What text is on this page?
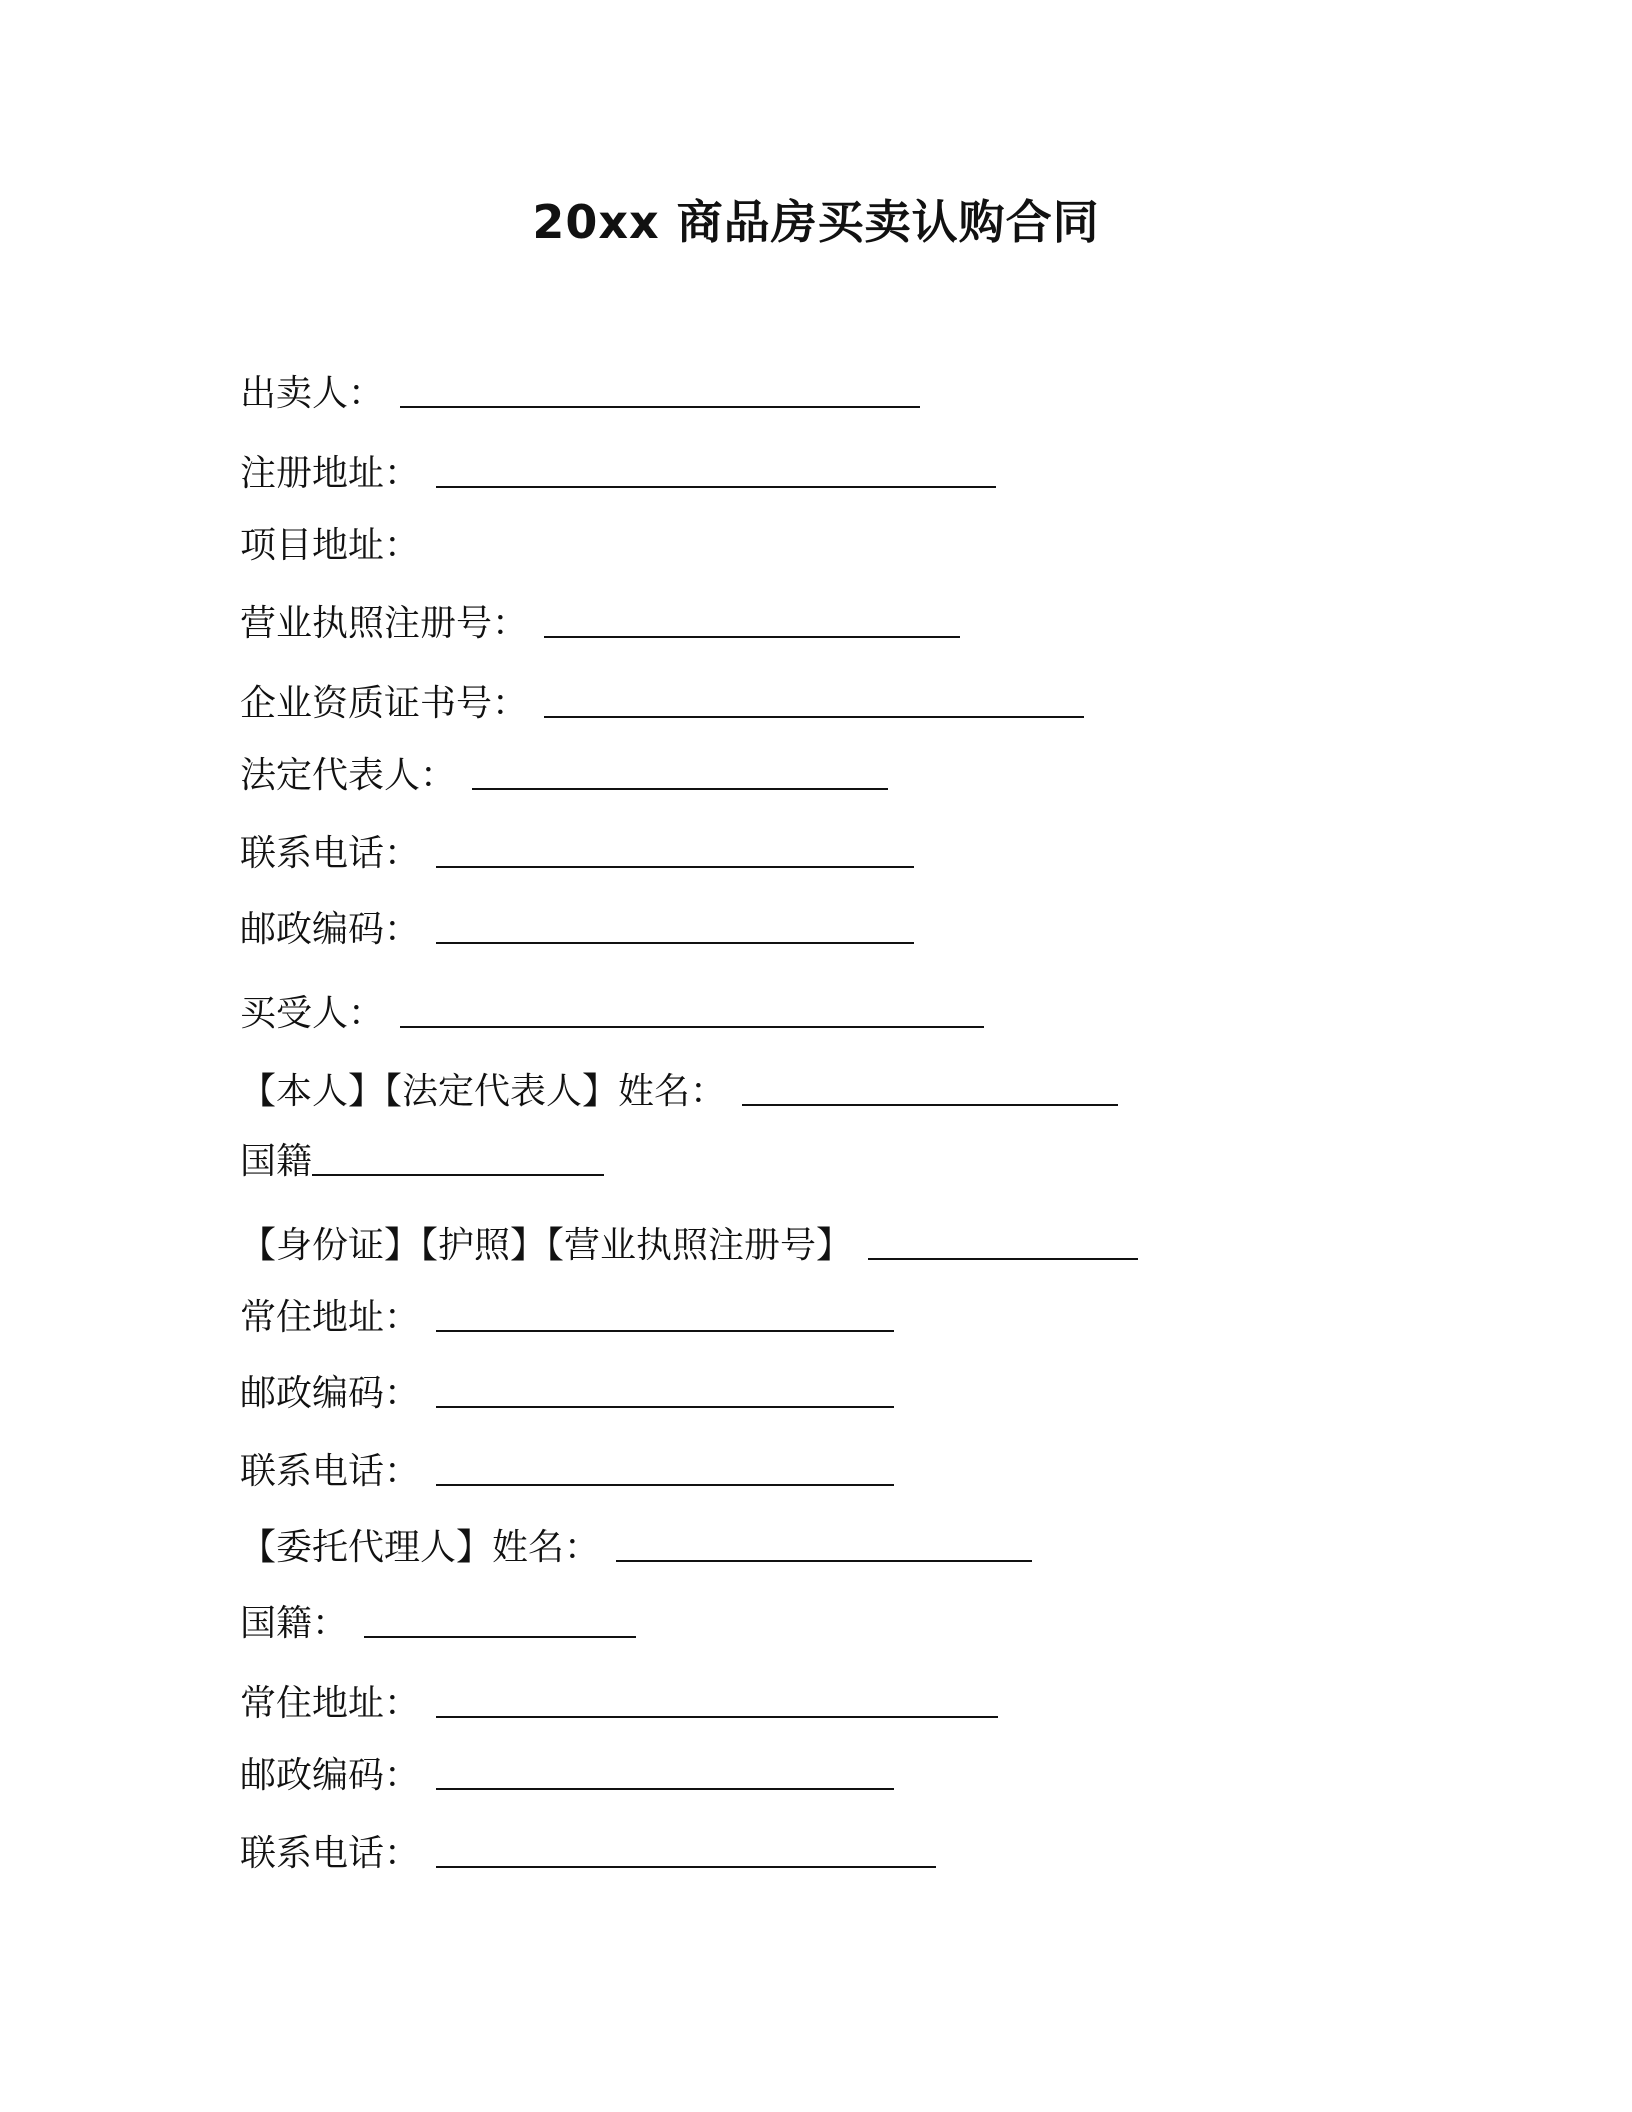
20xx 商品房买卖认购合同
出卖人：
注册地址：
项目地址：
营业执照注册号：
企业资质证书号：
法定代表人：
联系电话：
邮政编码：
买受人：
【本人】【法定代表人】姓名：
国籍
【身份证】【护照】【营业执照注册号】
常住地址：
邮政编码：
联系电话：
【委托代理人】姓名：
国籍：
常住地址：
邮政编码：
联系电话：
